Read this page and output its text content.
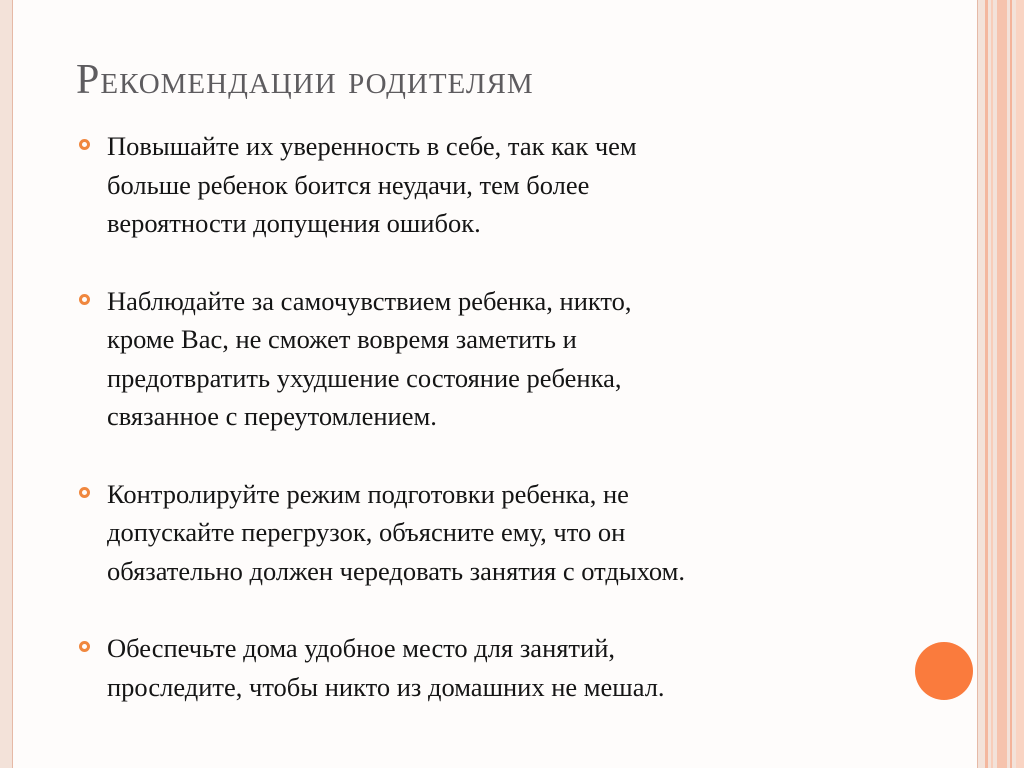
Рекомендации родителям
Повышайте их уверенность в себе, так как чем
больше ребенок боится неудачи, тем более
вероятности допущения ошибок.
Наблюдайте за самочувствием ребенка, никто,
кроме Вас, не сможет вовремя заметить и
предотвратить ухудшение состояние ребенка,
связанное с переутомлением.
Контролируйте режим подготовки ребенка, не
допускайте перегрузок, объясните ему, что он
обязательно должен чередовать занятия с отдыхом.
Обеспечьте дома удобное место для занятий,
проследите, чтобы никто из домашних не мешал.
